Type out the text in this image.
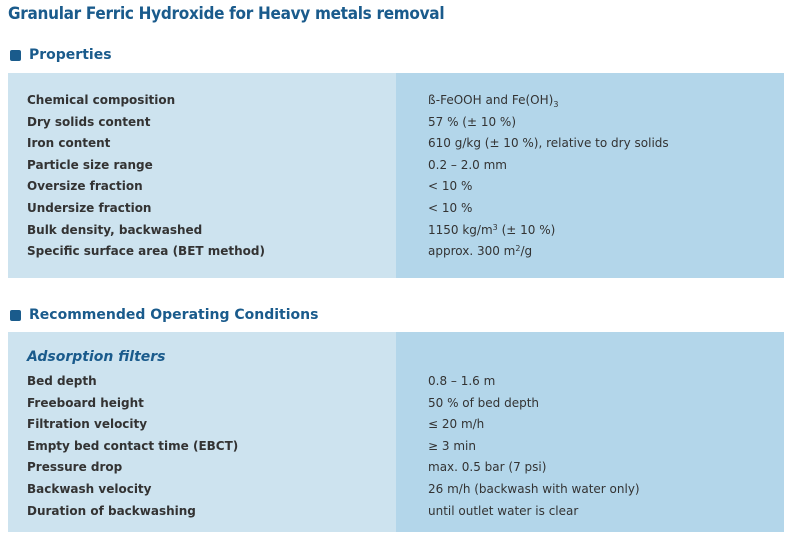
Granular Ferric Hydroxide for Heavy metals removal
Properties
Chemical composition
Dry solids content
Iron content
Particle size range
Oversize fraction
Undersize fraction
Bulk density, backwashed
Specific surface area (BET method)
ß-FeOOH and $Fe(OH)_3$
57 % (± 10 %)
610 g/kg (± 10 %), relative to dry solids
0.2 – 2.0 mm
< 10 %
< 10 %
1150 $kg/m^3$ (± 10 %)
approx. 300 $m^2/g$
Recommended Operating Conditions
Adsorption filters
Bed depth
Freeboard height
Filtration velocity
Empty bed contact time (EBCT)
Pressure drop
Backwash velocity
Duration of backwashing
0.8 – 1.6 m
50 % of bed depth
≤ 20 m/h
≥ 3 min
max. 0.5 bar (7 psi)
26 m/h (backwash with water only)
until outlet water is clear
